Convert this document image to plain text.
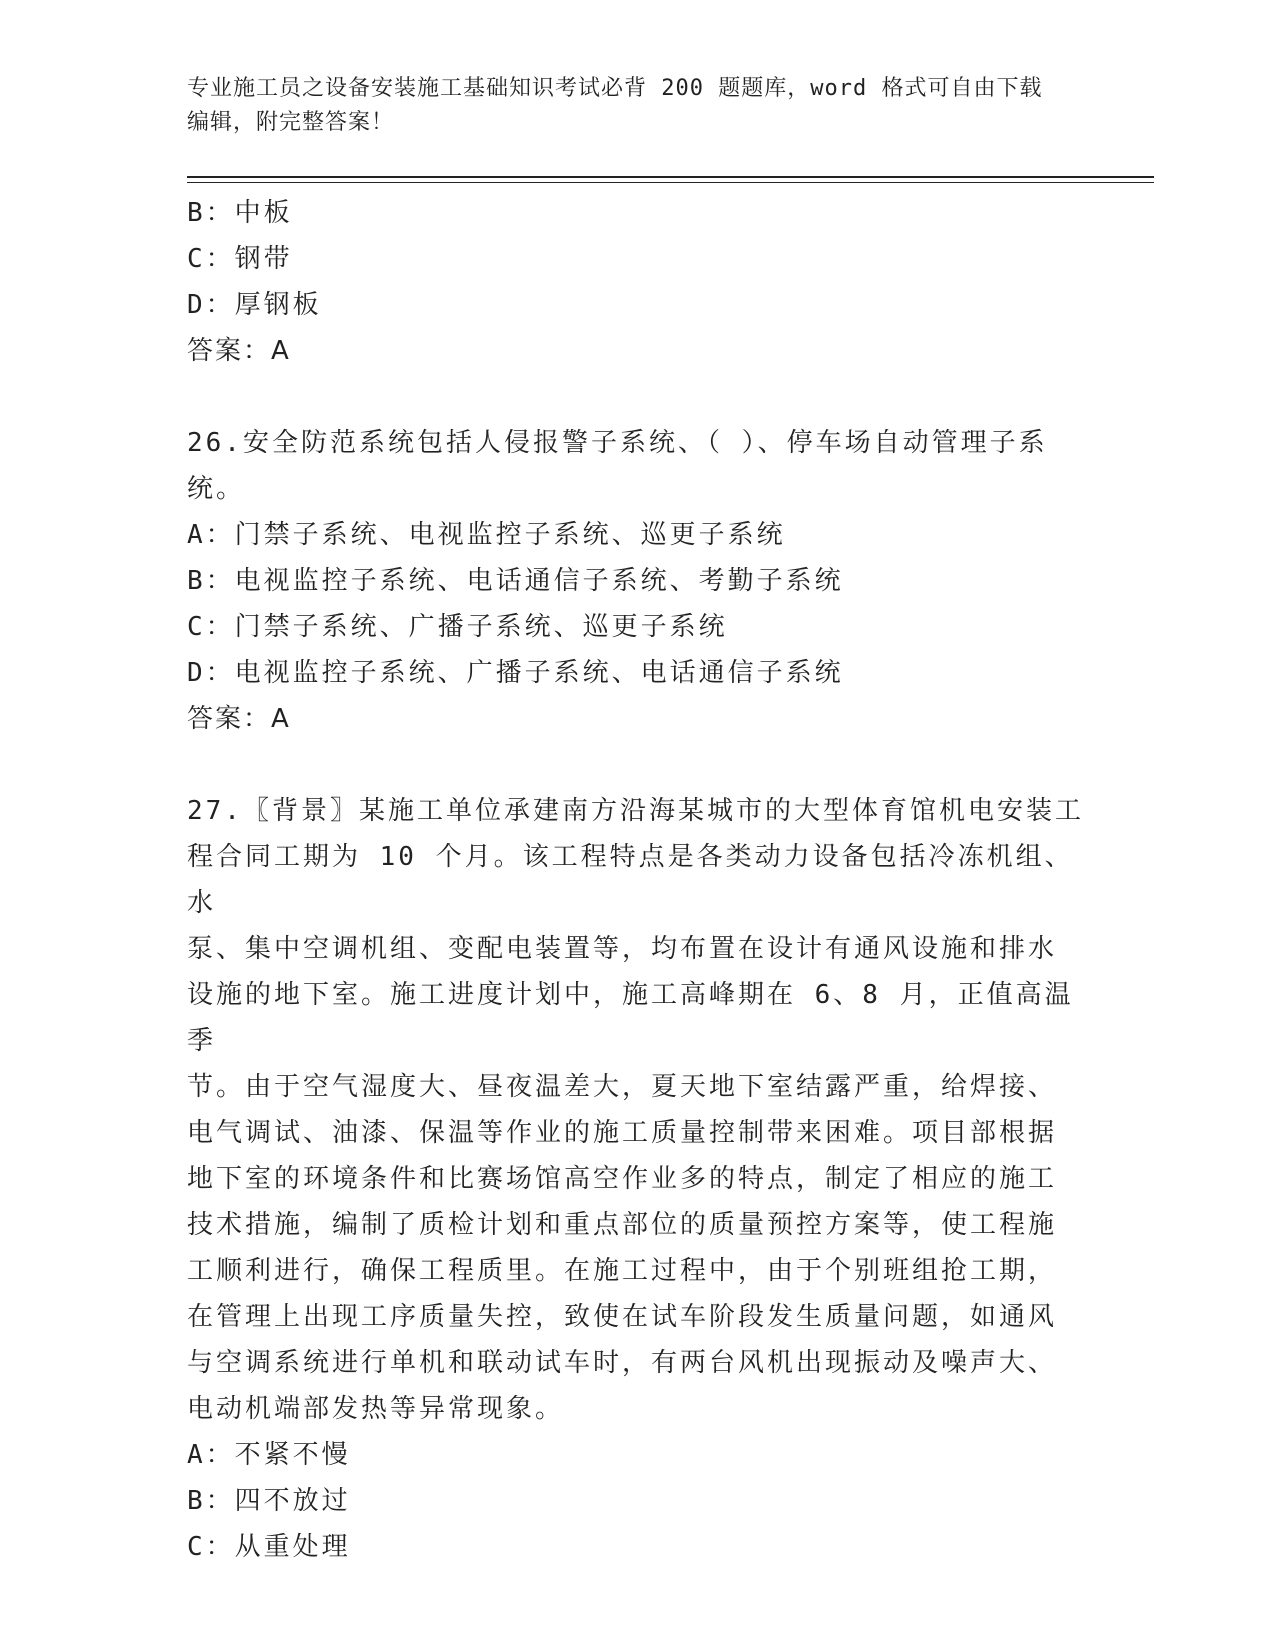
专业施工员之设备安装施工基础知识考试必背 200 题题库，word 格式可自由下载

编辑，附完整答案！

B：中板

C：钢带

D：厚钢板

答案：A

26.安全防范系统包括人侵报警子系统、（ ）、停车场自动管理子系

统。

A：门禁子系统、电视监控子系统、巡更子系统

B：电视监控子系统、电话通信子系统、考勤子系统

C：门禁子系统、广播子系统、巡更子系统

D：电视监控子系统、广播子系统、电话通信子系统

答案：A

27.〖背景〗某施工单位承建南方沿海某城市的大型体育馆机电安装工

程合同工期为 10 个月。该工程特点是各类动力设备包括冷冻机组、水

泵、集中空调机组、变配电装置等，均布置在设计有通风设施和排水

设施的地下室。施工进度计划中，施工高峰期在 6、8 月，正值高温季

节。由于空气湿度大、昼夜温差大，夏天地下室结露严重，给焊接、

电气调试、油漆、保温等作业的施工质量控制带来困难。项目部根据

地下室的环境条件和比赛场馆高空作业多的特点，制定了相应的施工

技术措施，编制了质检计划和重点部位的质量预控方案等，使工程施

工顺利进行，确保工程质里。在施工过程中，由于个别班组抢工期，

在管理上出现工序质量失控，致使在试车阶段发生质量问题，如通风

与空调系统进行单机和联动试车时，有两台风机出现振动及噪声大、

电动机端部发热等异常现象。

A：不紧不慢

B：四不放过

C：从重处理
